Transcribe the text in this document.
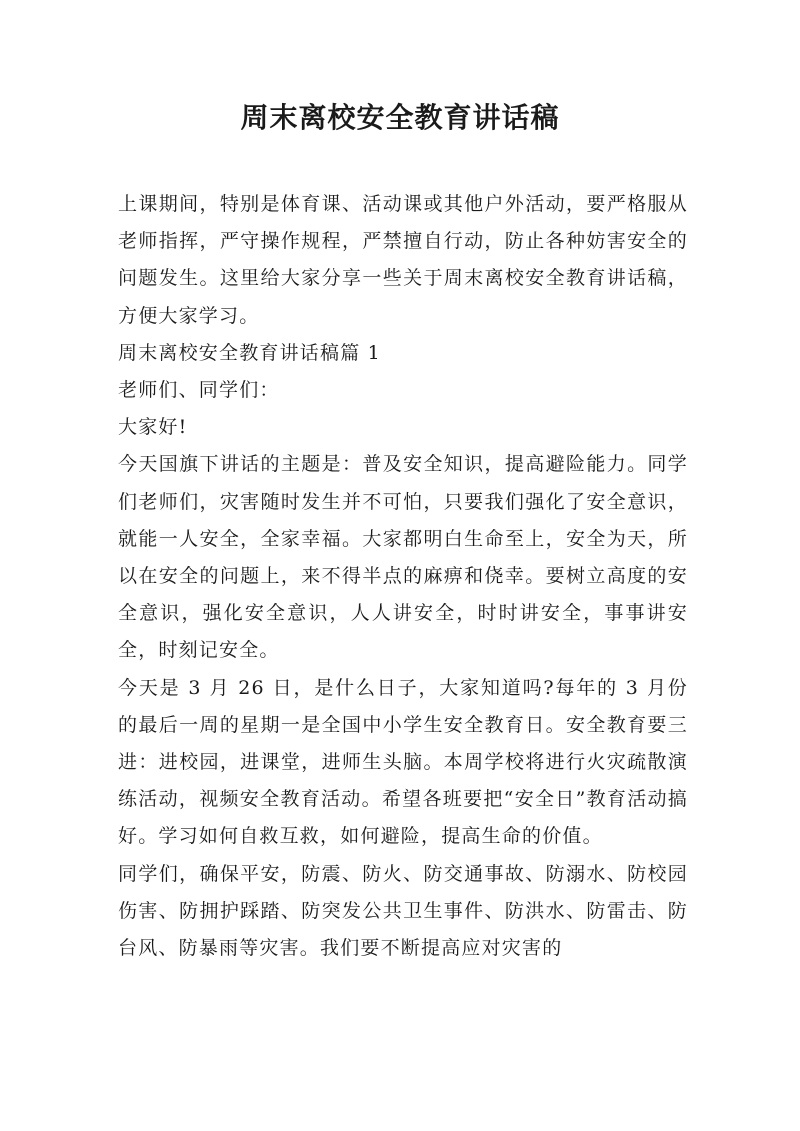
周末离校安全教育讲话稿

上课期间，特别是体育课、活动课或其他户外活动，要严格服从老师指挥，严守操作规程，严禁擅自行动，防止各种妨害安全的问题发生。这里给大家分享一些关于周末离校安全教育讲话稿，方便大家学习。

周末离校安全教育讲话稿篇 1

老师们、同学们：

大家好!

今天国旗下讲话的主题是：普及安全知识，提高避险能力。同学们老师们，灾害随时发生并不可怕，只要我们强化了安全意识，就能一人安全，全家幸福。大家都明白生命至上，安全为天，所以在安全的问题上，来不得半点的麻痹和侥幸。要树立高度的安全意识，强化安全意识，人人讲安全，时时讲安全，事事讲安全，时刻记安全。

今天是 3 月 26 日，是什么日子，大家知道吗?每年的 3 月份的最后一周的星期一是全国中小学生安全教育日。安全教育要三进：进校园，进课堂，进师生头脑。本周学校将进行火灾疏散演练活动，视频安全教育活动。希望各班要把“安全日”教育活动搞好。学习如何自救互救，如何避险，提高生命的价值。

同学们，确保平安，防震、防火、防交通事故、防溺水、防校园伤害、防拥护踩踏、防突发公共卫生事件、防洪水、防雷击、防台风、防暴雨等灾害。我们要不断提高应对灾害的
